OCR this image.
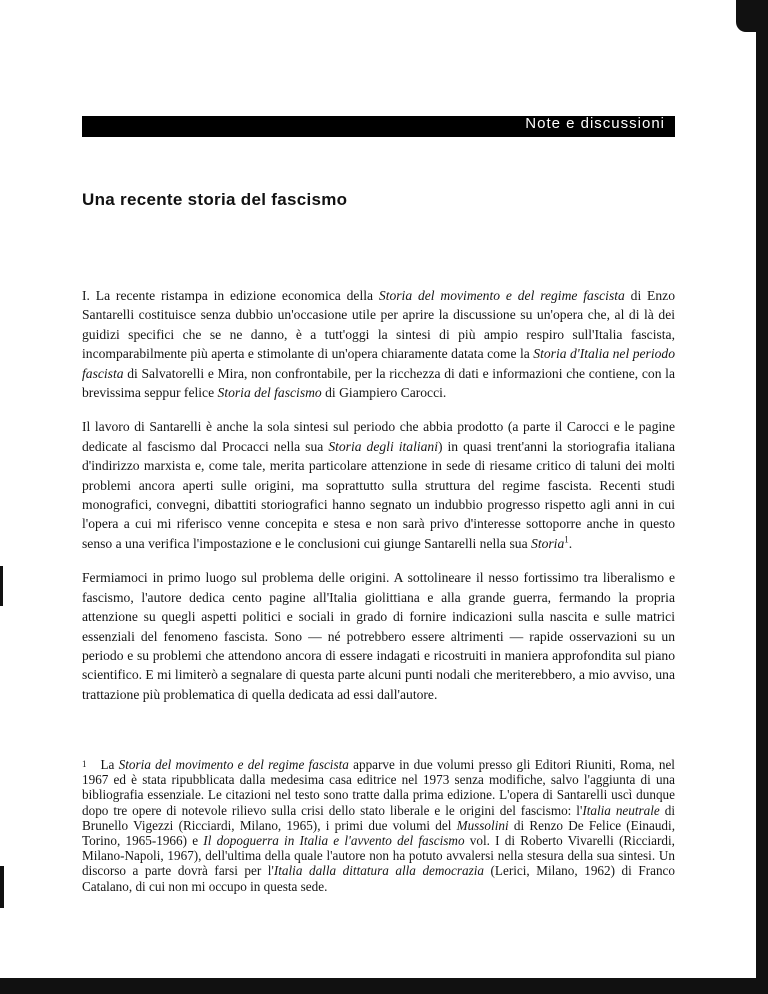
Note e discussioni
Una recente storia del fascismo

I. La recente ristampa in edizione economica della Storia del movimento e del regime fascista di Enzo Santarelli costituisce senza dubbio un'occasione utile per aprire la discussione su un'opera che, al di là dei guidizi specifici che se ne danno, è a tutt'oggi la sintesi di più ampio respiro sull'Italia fascista, incomparabilmente più aperta e stimolante di un'opera chiaramente datata come la Storia d'Italia nel periodo fascista di Salvatorelli e Mira, non confrontabile, per la ricchezza di dati e informazioni che contiene, con la brevissima seppur felice Storia del fascismo di Giampiero Carocci.

Il lavoro di Santarelli è anche la sola sintesi sul periodo che abbia prodotto (a parte il Carocci e le pagine dedicate al fascismo dal Procacci nella sua Storia degli italiani) in quasi trent'anni la storiografia italiana d'indirizzo marxista e, come tale, merita particolare attenzione in sede di riesame critico di taluni dei molti problemi ancora aperti sulle origini, ma soprattutto sulla struttura del regime fascista. Recenti studi monografici, convegni, dibattiti storiografici hanno segnato un indubbio progresso rispetto agli anni in cui l'opera a cui mi riferisco venne concepita e stesa e non sarà privo d'interesse sottoporre anche in questo senso a una verifica l'impostazione e le conclusioni cui giunge Santarelli nella sua Storia$^1$.

Fermiamoci in primo luogo sul problema delle origini. A sottolineare il nesso fortissimo tra liberalismo e fascismo, l'autore dedica cento pagine all'Italia giolittiana e alla grande guerra, fermando la propria attenzione su quegli aspetti politici e sociali in grado di fornire indicazioni sulla nascita e sulle matrici essenziali del fenomeno fascista. Sono — né potrebbero essere altrimenti — rapide osservazioni su un periodo e su problemi che attendono ancora di essere indagati e ricostruiti in maniera approfondita sul piano scientifico. E mi limiterò a segnalare di questa parte alcuni punti nodali che meriterebbero, a mio avviso, una trattazione più problematica di quella dedicata ad essi dall'autore.

$^1$ La Storia del movimento e del regime fascista apparve in due volumi presso gli Editori Riuniti, Roma, nel 1967 ed è stata ripubblicata dalla medesima casa editrice nel 1973 senza modifiche, salvo l'aggiunta di una bibliografia essenziale. Le citazioni nel testo sono tratte dalla prima edizione. L'opera di Santarelli uscì dunque dopo tre opere di notevole rilievo sulla crisi dello stato liberale e le origini del fascismo: l'Italia neutrale di Brunello Vigezzi (Ricciardi, Milano, 1965), i primi due volumi del Mussolini di Renzo De Felice (Einaudi, Torino, 1965-1966) e Il dopoguerra in Italia e l'avvento del fascismo vol. I di Roberto Vivarelli (Ricciardi, Milano-Napoli, 1967), dell'ultima della quale l'autore non ha potuto avvalersi nella stesura della sua sintesi. Un discorso a parte dovrà farsi per l'Italia dalla dittatura alla democrazia (Lerici, Milano, 1962) di Franco Catalano, di cui non mi occupo in questa sede.
